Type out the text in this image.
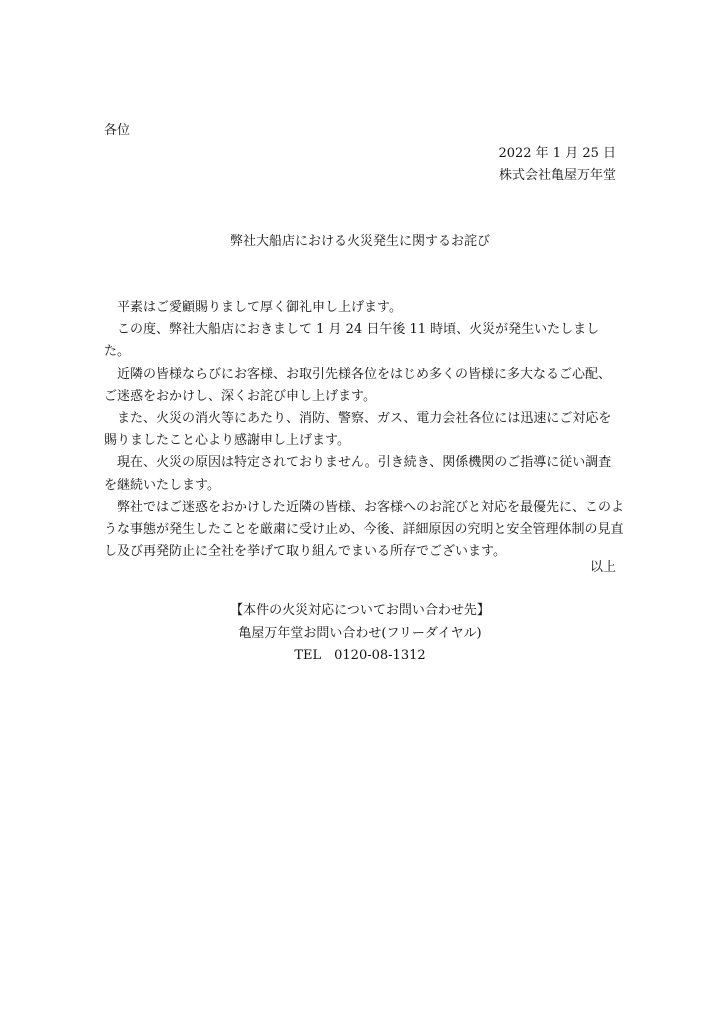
各位
2022 年 1 月 25 日
株式会社亀屋万年堂
弊社大船店における火災発生に関するお詫び

平素はご愛顧賜りまして厚く御礼申し上げます。

この度、弊社大船店におきまして 1 月 24 日午後 11 時頃、火災が発生いたしました。

近隣の皆様ならびにお客様、お取引先様各位をはじめ多くの皆様に多大なるご心配、

ご迷惑をおかけし、深くお詫び申し上げます。

また、火災の消火等にあたり、消防、警察、ガス、電力会社各位には迅速にご対応を賜りましたこと心より感謝申し上げます。

現在、火災の原因は特定されておりません。引き続き、関係機関のご指導に従い調査を継続いたします。

弊社ではご迷惑をおかけした近隣の皆様、お客様へのお詫びと対応を最優先に、このような事態が発生したことを厳粛に受け止め、今後、詳細原因の究明と安全管理体制の見直し及び再発防止に全社を挙げて取り組んでまいる所存でございます。

以上
【本件の火災対応についてお問い合わせ先】
亀屋万年堂お問い合わせ(フリーダイヤル)
TEL　0120-08-1312
